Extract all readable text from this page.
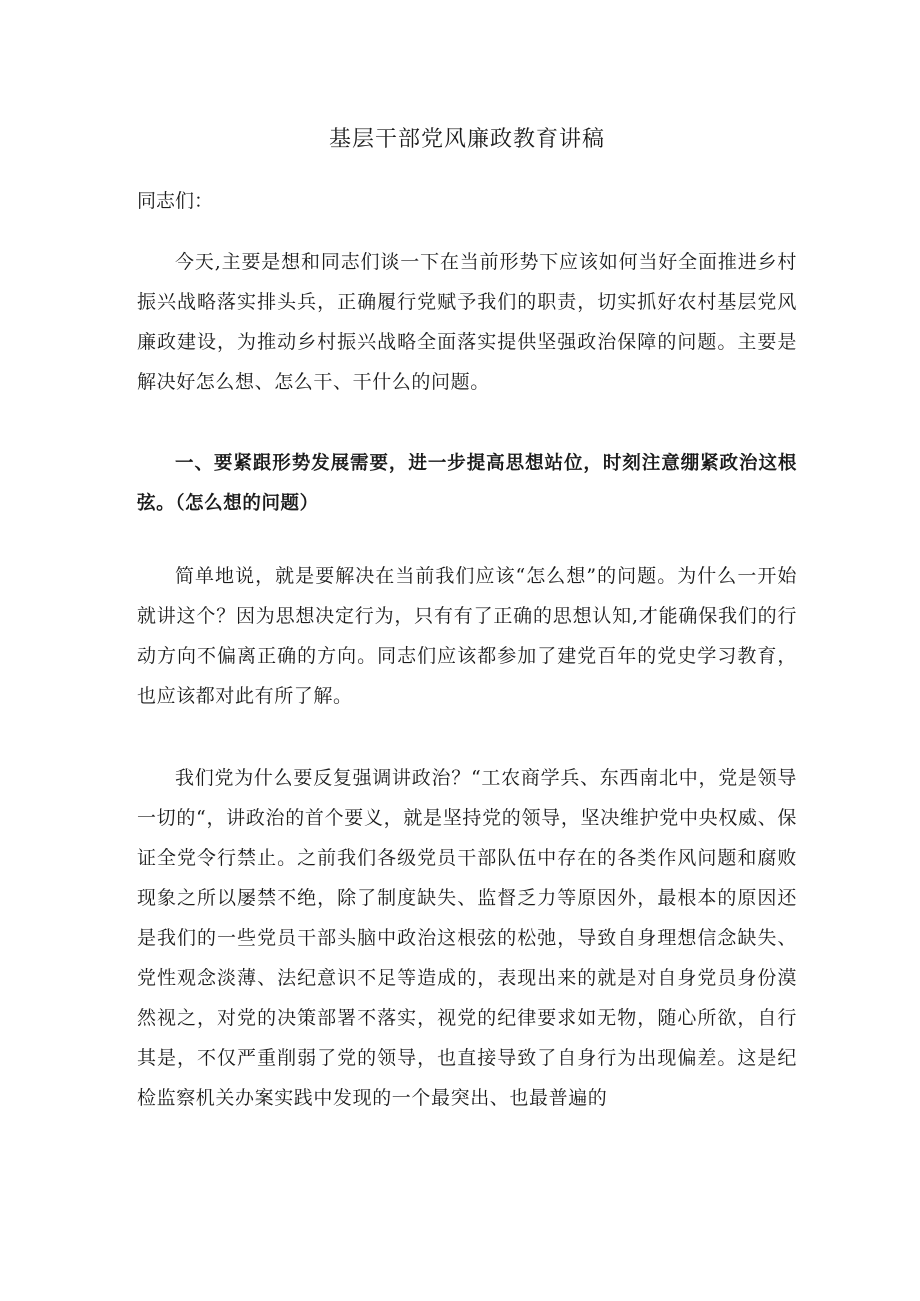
基层干部党风廉政教育讲稿

同志们：

今天,主要是想和同志们谈一下在当前形势下应该如何当好全面推进乡村振兴战略落实排头兵，正确履行党赋予我们的职责，切实抓好农村基层党风廉政建设，为推动乡村振兴战略全面落实提供坚强政治保障的问题。主要是解决好怎么想、怎么干、干什么的问题。

一、要紧跟形势发展需要，进一步提高思想站位，时刻注意绷紧政治这根弦。（怎么想的问题）

简单地说，就是要解决在当前我们应该“怎么想”的问题。为什么一开始就讲这个？因为思想决定行为，只有有了正确的思想认知,才能确保我们的行动方向不偏离正确的方向。同志们应该都参加了建党百年的党史学习教育，也应该都对此有所了解。

我们党为什么要反复强调讲政治？“工农商学兵、东西南北中，党是领导一切的“，讲政治的首个要义，就是坚持党的领导，坚决维护党中央权威、保证全党令行禁止。之前我们各级党员干部队伍中存在的各类作风问题和腐败现象之所以屡禁不绝，除了制度缺失、监督乏力等原因外，最根本的原因还是我们的一些党员干部头脑中政治这根弦的松弛，导致自身理想信念缺失、党性观念淡薄、法纪意识不足等造成的，表现出来的就是对自身党员身份漠然视之，对党的决策部署不落实，视党的纪律要求如无物，随心所欲，自行其是，不仅严重削弱了党的领导，也直接导致了自身行为出现偏差。这是纪检监察机关办案实践中发现的一个最突出、也最普遍的
